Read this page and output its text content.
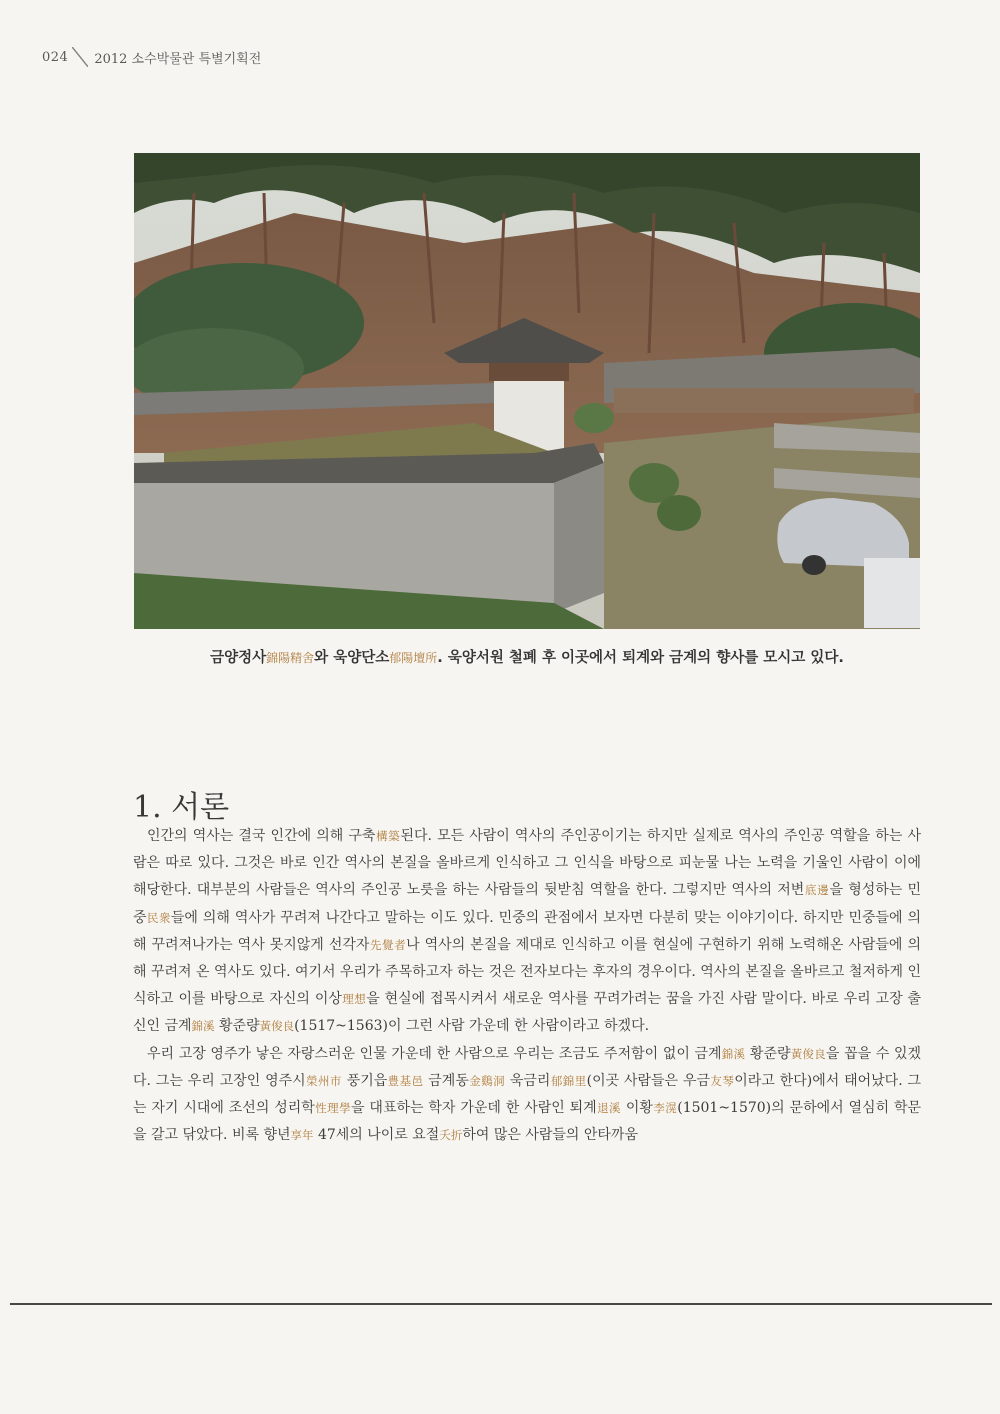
024 2012 소수박물관 특별기획전
금양정사錦陽精舍와 욱양단소郁陽壇所. 욱양서원 철폐 후 이곳에서 퇴계와 금계의 향사를 모시고 있다.
1. 서론

인간의 역사는 결국 인간에 의해 구축構築된다. 모든 사람이 역사의 주인공이기는 하지만 실제로 역사의 주인공 역할을 하는 사람은 따로 있다. 그것은 바로 인간 역사의 본질을 올바르게 인식하고 그 인식을 바탕으로 피눈물 나는 노력을 기울인 사람이 이에 해당한다. 대부분의 사람들은 역사의 주인공 노릇을 하는 사람들의 뒷받침 역할을 한다. 그렇지만 역사의 저변底邊을 형성하는 민중民衆들에 의해 역사가 꾸려져 나간다고 말하는 이도 있다. 민중의 관점에서 보자면 다분히 맞는 이야기이다. 하지만 민중들에 의해 꾸려져나가는 역사 못지않게 선각자先覺者나 역사의 본질을 제대로 인식하고 이를 현실에 구현하기 위해 노력해온 사람들에 의해 꾸려져 온 역사도 있다. 여기서 우리가 주목하고자 하는 것은 전자보다는 후자의 경우이다. 역사의 본질을 올바르고 철저하게 인식하고 이를 바탕으로 자신의 이상理想을 현실에 접목시켜서 새로운 역사를 꾸려가려는 꿈을 가진 사람 말이다. 바로 우리 고장 출신인 금계錦溪 황준량黃俊良(1517~1563)이 그런 사람 가운데 한 사람이라고 하겠다.

우리 고장 영주가 낳은 자랑스러운 인물 가운데 한 사람으로 우리는 조금도 주저함이 없이 금계錦溪 황준량黃俊良을 꼽을 수 있겠다. 그는 우리 고장인 영주시榮州市 풍기읍豊基邑 금계동金鷄洞 욱금리郁錦里(이곳 사람들은 우금友琴이라고 한다)에서 태어났다. 그는 자기 시대에 조선의 성리학性理學을 대표하는 학자 가운데 한 사람인 퇴계退溪 이황李滉(1501~1570)의 문하에서 열심히 학문을 갈고 닦았다. 비록 향년享年 47세의 나이로 요절夭折하여 많은 사람들의 안타까움
